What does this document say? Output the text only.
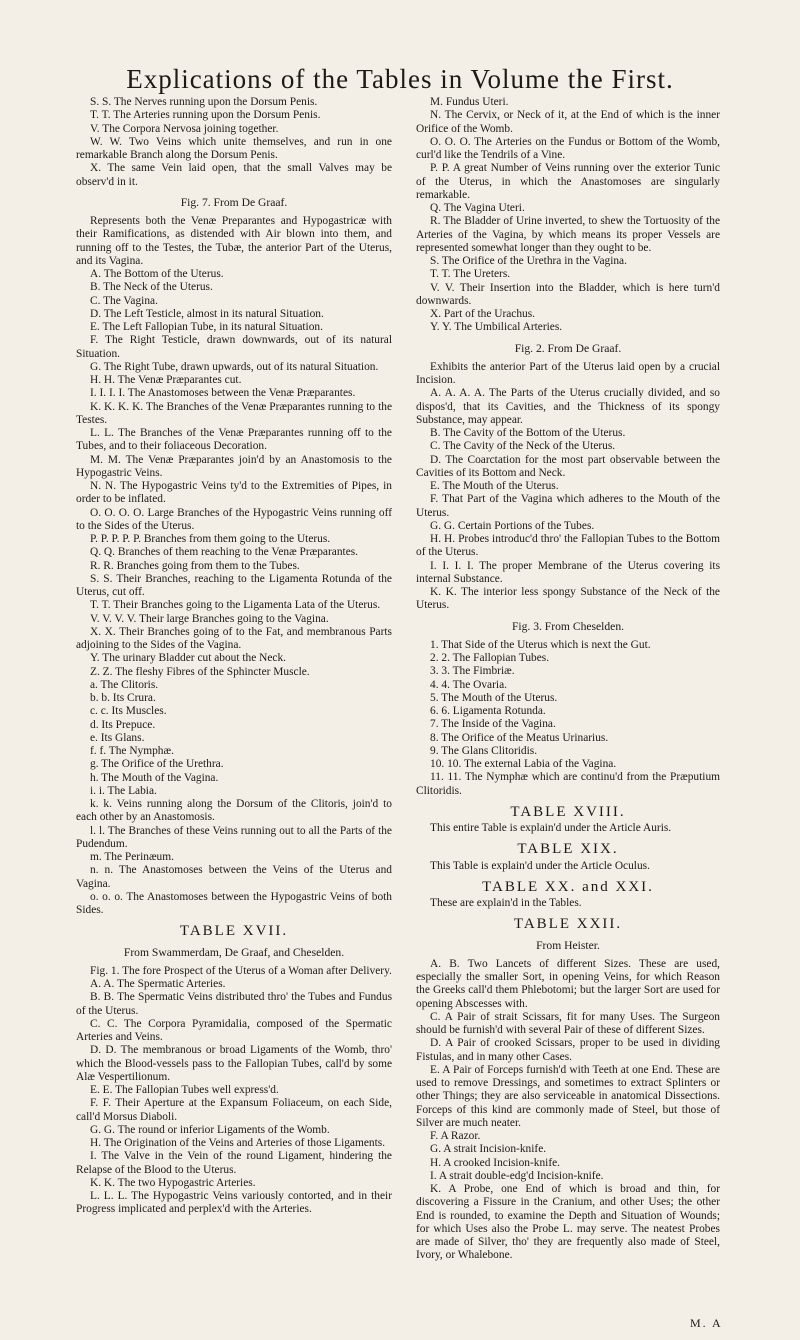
Explications of the Tables in Volume the First.

S. S. The Nerves running upon the Dorsum Penis.

T. T. The Arteries running upon the Dorsum Penis.

V. The Corpora Nervosa joining together.

W. W. Two Veins which unite themselves, and run in one remarkable Branch along the Dorsum Penis.

X. The same Vein laid open, that the small Valves may be observ'd in it.

Fig. 7. From De Graaf.

Represents both the Venæ Preparantes and Hypogastricæ with their Ramifications, as distended with Air blown into them, and running off to the Testes, the Tubæ, the anterior Part of the Uterus, and its Vagina.

A. The Bottom of the Uterus.

B. The Neck of the Uterus.

C. The Vagina.

D. The Left Testicle, almost in its natural Situation.

E. The Left Fallopian Tube, in its natural Situation.

F. The Right Testicle, drawn downwards, out of its natural Situation.

G. The Right Tube, drawn upwards, out of its natural Situation.

H. H. The Venæ Præparantes cut.

I. I. I. I. The Anastomoses between the Venæ Præparantes.

K. K. K. K. The Branches of the Venæ Præparantes running to the Testes.

L. L. The Branches of the Venæ Præparantes running off to the Tubes, and to their foliaceous Decoration.

M. M. The Venæ Præparantes join'd by an Anastomosis to the Hypogastric Veins.

N. N. The Hypogastric Veins ty'd to the Extremities of Pipes, in order to be inflated.

O. O. O. O. Large Branches of the Hypogastric Veins running off to the Sides of the Uterus.

P. P. P. P. P. Branches from them going to the Uterus.

Q. Q. Branches of them reaching to the Venæ Præparantes.

R. R. Branches going from them to the Tubes.

S. S. Their Branches, reaching to the Ligamenta Rotunda of the Uterus, cut off.

T. T. Their Branches going to the Ligamenta Lata of the Uterus.

V. V. V. V. Their large Branches going to the Vagina.

X. X. Their Branches going of to the Fat, and membranous Parts adjoining to the Sides of the Vagina.

Y. The urinary Bladder cut about the Neck.

Z. Z. The fleshy Fibres of the Sphincter Muscle.

a. The Clitoris.

b. b. Its Crura.

c. c. Its Muscles.

d. Its Prepuce.

e. Its Glans.

f. f. The Nymphæ.

g. The Orifice of the Urethra.

h. The Mouth of the Vagina.

i. i. The Labia.

k. k. Veins running along the Dorsum of the Clitoris, join'd to each other by an Anastomosis.

l. l. The Branches of these Veins running out to all the Parts of the Pudendum.

m. The Perinæum.

n. n. The Anastomoses between the Veins of the Uterus and Vagina.

o. o. o. The Anastomoses between the Hypogastric Veins of both Sides.

TABLE XVII.

From Swammerdam, De Graaf, and Cheselden.

Fig. 1. The fore Prospect of the Uterus of a Woman after Delivery.

A. A. The Spermatic Arteries.

B. B. The Spermatic Veins distributed thro' the Tubes and Fundus of the Uterus.

C. C. The Corpora Pyramidalia, composed of the Spermatic Arteries and Veins.

D. D. The membranous or broad Ligaments of the Womb, thro' which the Blood-vessels pass to the Fallopian Tubes, call'd by some Alæ Vespertilionum.

E. E. The Fallopian Tubes well express'd.

F. F. Their Aperture at the Expansum Foliaceum, on each Side, call'd Morsus Diaboli.

G. G. The round or inferior Ligaments of the Womb.

H. The Origination of the Veins and Arteries of those Ligaments.

I. The Valve in the Vein of the round Ligament, hindering the Relapse of the Blood to the Uterus.

K. K. The two Hypogastric Arteries.

L. L. L. The Hypogastric Veins variously contorted, and in their Progress implicated and perplex'd with the Arteries.

M. Fundus Uteri.

N. The Cervix, or Neck of it, at the End of which is the inner Orifice of the Womb.

O. O. O. The Arteries on the Fundus or Bottom of the Womb, curl'd like the Tendrils of a Vine.

P. P. A great Number of Veins running over the exterior Tunic of the Uterus, in which the Anastomoses are singularly remarkable.

Q. The Vagina Uteri.

R. The Bladder of Urine inverted, to shew the Tortuosity of the Arteries of the Vagina, by which means its proper Vessels are represented somewhat longer than they ought to be.

S. The Orifice of the Urethra in the Vagina.

T. T. The Ureters.

V. V. Their Insertion into the Bladder, which is here turn'd downwards.

X. Part of the Urachus.

Y. Y. The Umbilical Arteries.

Fig. 2. From De Graaf.

Exhibits the anterior Part of the Uterus laid open by a crucial Incision.

A. A. A. A. The Parts of the Uterus crucially divided, and so dispos'd, that its Cavities, and the Thickness of its spongy Substance, may appear.

B. The Cavity of the Bottom of the Uterus.

C. The Cavity of the Neck of the Uterus.

D. The Coarctation for the most part observable between the Cavities of its Bottom and Neck.

E. The Mouth of the Uterus.

F. That Part of the Vagina which adheres to the Mouth of the Uterus.

G. G. Certain Portions of the Tubes.

H. H. Probes introduc'd thro' the Fallopian Tubes to the Bottom of the Uterus.

I. I. I. I. The proper Membrane of the Uterus covering its internal Substance.

K. K. The interior less spongy Substance of the Neck of the Uterus.

Fig. 3. From Cheselden.

1. That Side of the Uterus which is next the Gut.

2. 2. The Fallopian Tubes.

3. 3. The Fimbriæ.

4. 4. The Ovaria.

5. The Mouth of the Uterus.

6. 6. Ligamenta Rotunda.

7. The Inside of the Vagina.

8. The Orifice of the Meatus Urinarius.

9. The Glans Clitoridis.

10. 10. The external Labia of the Vagina.

11. 11. The Nymphæ which are continu'd from the Præputium Clitoridis.

TABLE XVIII.

This entire Table is explain'd under the Article Auris.

TABLE XIX.

This Table is explain'd under the Article Oculus.

TABLE XX. and XXI.

These are explain'd in the Tables.

TABLE XXII.

From Heister.

A. B. Two Lancets of different Sizes. These are used, especially the smaller Sort, in opening Veins, for which Reason the Greeks call'd them Phlebotomi; but the larger Sort are used for opening Abscesses with.

C. A Pair of strait Scissars, fit for many Uses. The Surgeon should be furnish'd with several Pair of these of different Sizes.

D. A Pair of crooked Scissars, proper to be used in dividing Fistulas, and in many other Cases.

E. A Pair of Forceps furnish'd with Teeth at one End. These are used to remove Dressings, and sometimes to extract Splinters or other Things; they are also serviceable in anatomical Dissections. Forceps of this kind are commonly made of Steel, but those of Silver are much neater.

F. A Razor.

G. A strait Incision-knife.

H. A crooked Incision-knife.

I. A strait double-edg'd Incision-knife.

K. A Probe, one End of which is broad and thin, for discovering a Fissure in the Cranium, and other Uses; the other End is rounded, to examine the Depth and Situation of Wounds; for which Uses also the Probe L. may serve. The neatest Probes are made of Silver, tho' they are frequently also made of Steel, Ivory, or Whalebone.

M. A
